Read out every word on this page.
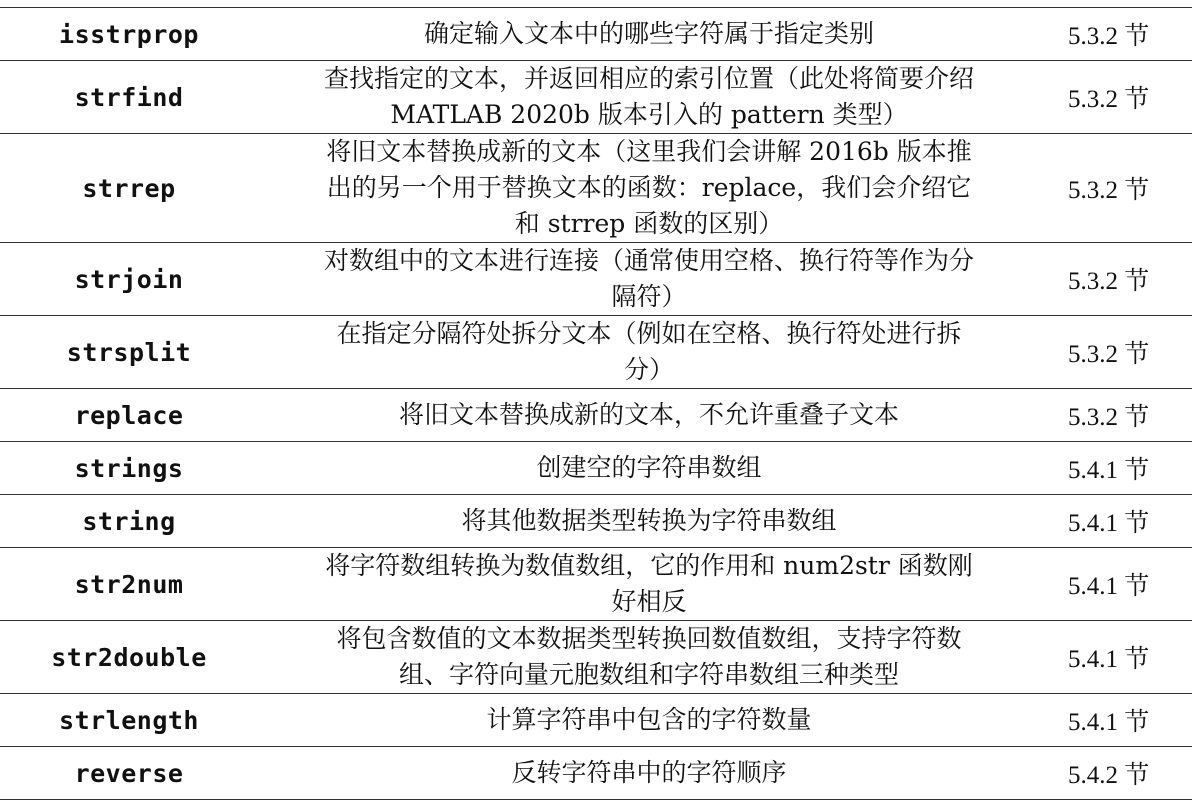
isstrprop	确定输入文本中的哪些字符属于指定类别	5.3.2 节
strfind	查找指定的文本，并返回相应的索引位置（此处将简要介绍 MATLAB 2020b 版本引入的 pattern 类型）	5.3.2 节
strrep	将旧文本替换成新的文本（这里我们会讲解 2016b 版本推出的另一个用于替换文本的函数：replace，我们会介绍它和 strrep 函数的区别）	5.3.2 节
strjoin	对数组中的文本进行连接（通常使用空格、换行符等作为分隔符）	5.3.2 节
strsplit	在指定分隔符处拆分文本（例如在空格、换行符处进行拆分）	5.3.2 节
replace	将旧文本替换成新的文本，不允许重叠子文本	5.3.2 节
strings	创建空的字符串数组	5.4.1 节
string	将其他数据类型转换为字符串数组	5.4.1 节
str2num	将字符数组转换为数值数组，它的作用和 num2str 函数刚好相反	5.4.1 节
str2double	将包含数值的文本数据类型转换回数值数组，支持字符数组、字符向量元胞数组和字符串数组三种类型	5.4.1 节
strlength	计算字符串中包含的字符数量	5.4.1 节
reverse	反转字符串中的字符顺序	5.4.2 节
